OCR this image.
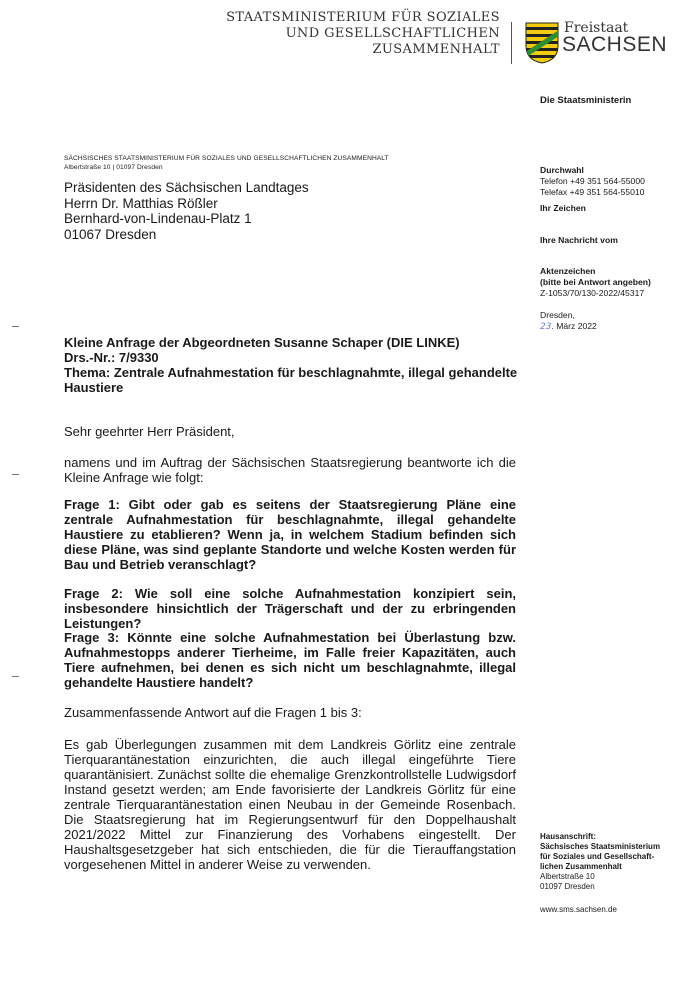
STAATSMINISTERIUM FÜR SOZIALES
UND GESELLSCHAFTLICHEN
ZUSAMMENHALT
Freistaat
SACHSEN
Die Staatsministerin
SÄCHSISCHES STAATSMINISTERIUM FÜR SOZIALES UND GESELLSCHAFTLICHEN ZUSAMMENHALT
Albertstraße 10 | 01097 Dresden
Präsidenten des Sächsischen Landtages
Herrn Dr. Matthias Rößler
Bernhard-von-Lindenau-Platz 1
01067 Dresden
Durchwahl
Telefon +49 351 564-55000
Telefax +49 351 564-55010
Ihr Zeichen
Ihre Nachricht vom
Aktenzeichen
(bitte bei Antwort angeben)
Z-1053/70/130-2022/45317
Dresden,
23. März 2022
Kleine Anfrage der Abgeordneten Susanne Schaper (DIE LINKE)
Drs.-Nr.: 7/9330
Thema: Zentrale Aufnahmestation für beschlagnahmte, illegal gehandelte Haustiere
Sehr geehrter Herr Präsident,
namens und im Auftrag der Sächsischen Staatsregierung beantworte ich die Kleine Anfrage wie folgt:
Frage 1: Gibt oder gab es seitens der Staatsregierung Pläne eine zentrale Aufnahmestation für beschlagnahmte, illegal gehandelte Haustiere zu etablieren? Wenn ja, in welchem Stadium befinden sich diese Pläne, was sind geplante Standorte und welche Kosten werden für Bau und Betrieb veranschlagt?
Frage 2: Wie soll eine solche Aufnahmestation konzipiert sein, insbesondere hinsichtlich der Trägerschaft und der zu erbringenden Leistungen?
Frage 3: Könnte eine solche Aufnahmestation bei Überlastung bzw. Aufnahmestopps anderer Tierheime, im Falle freier Kapazitäten, auch Tiere aufnehmen, bei denen es sich nicht um beschlagnahmte, illegal gehandelte Haustiere handelt?
Zusammenfassende Antwort auf die Fragen 1 bis 3:
Es gab Überlegungen zusammen mit dem Landkreis Görlitz eine zentrale Tierquarantänestation einzurichten, die auch illegal eingeführte Tiere quarantänisiert. Zunächst sollte die ehemalige Grenzkontrollstelle Ludwigsdorf Instand gesetzt werden; am Ende favorisierte der Landkreis Görlitz für eine zentrale Tierquarantänestation einen Neubau in der Gemeinde Rosenbach. Die Staatsregierung hat im Regierungsentwurf für den Doppelhaushalt 2021/2022 Mittel zur Finanzierung des Vorhabens eingestellt. Der Haushaltsgesetzgeber hat sich entschieden, die für die Tierauffangstation vorgesehenen Mittel in anderer Weise zu verwenden.
Hausanschrift:
Sächsisches Staatsministerium
für Soziales und Gesellschaft-
lichen Zusammenhalt
Albertstraße 10
01097 Dresden
www.sms.sachsen.de
